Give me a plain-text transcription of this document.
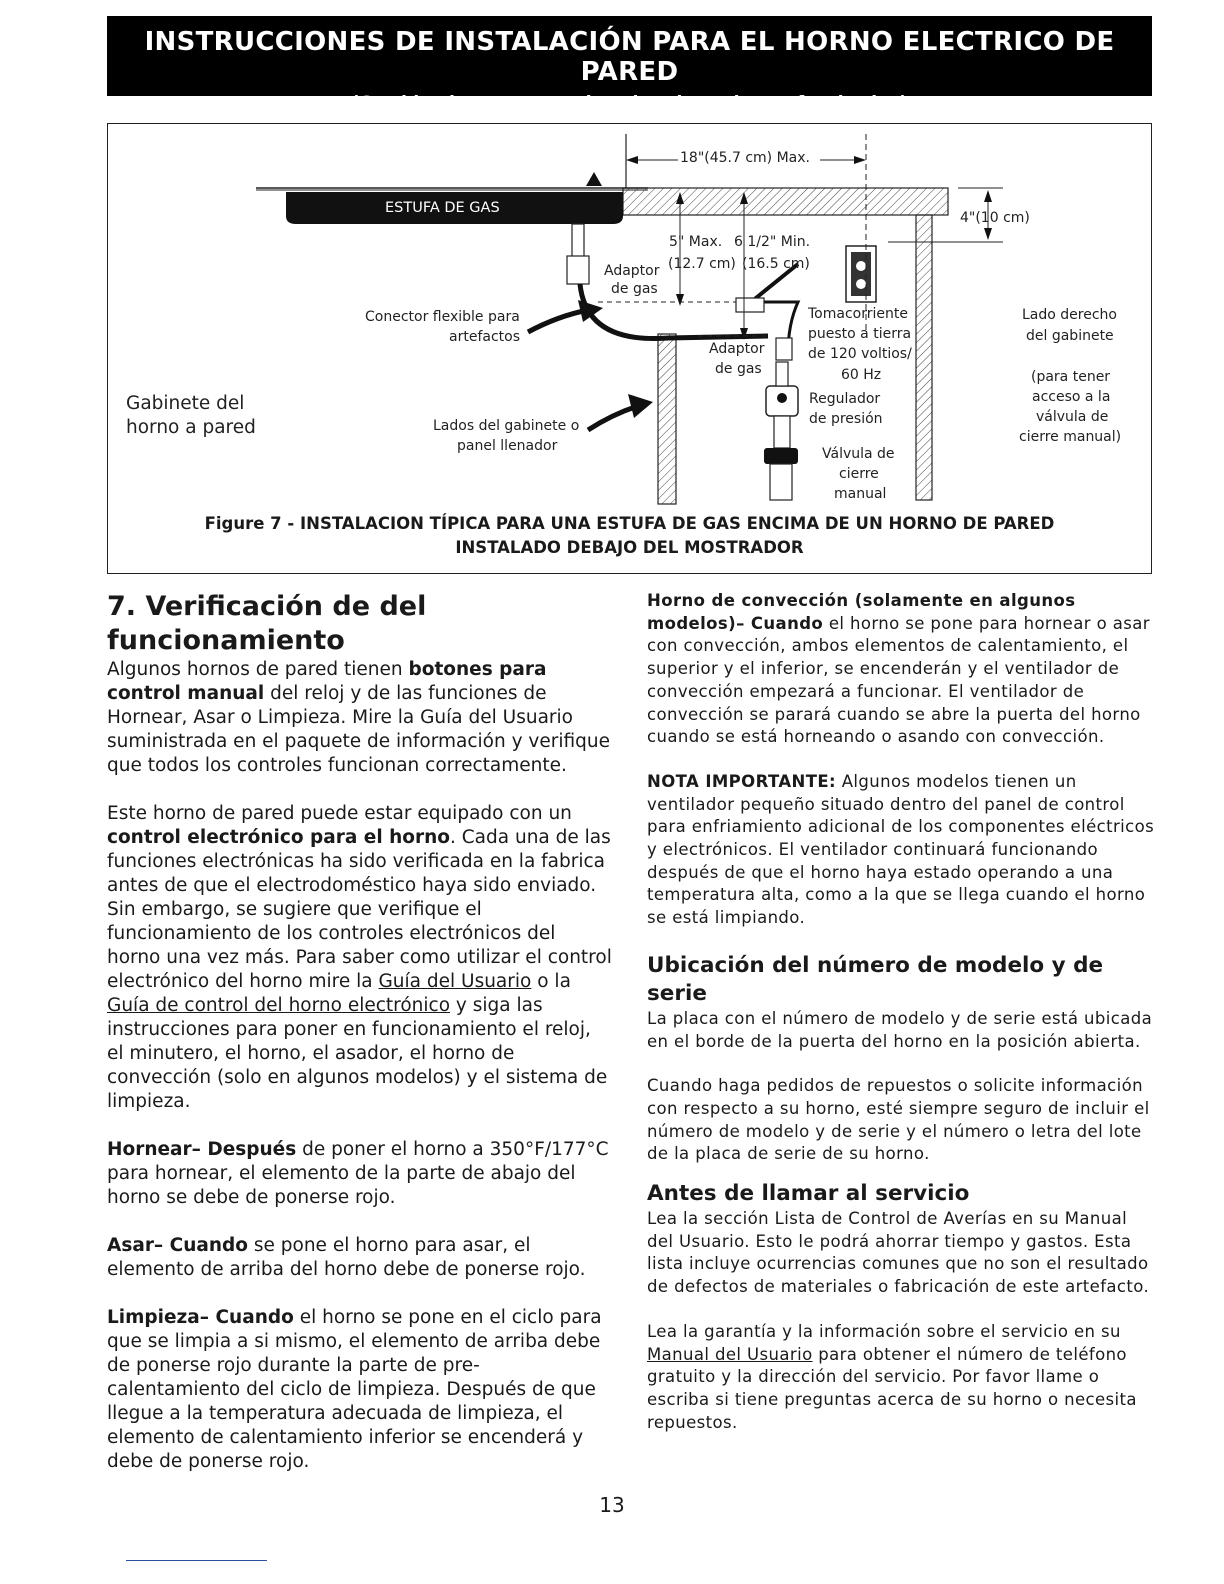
INSTRUCCIONES DE INSTALACIÓN PARA EL HORNO ELECTRICO DE PARED
(Combinado con una cocina electrica o de gas facultativa)
18"(45.7 cm) Max.
ESTUFA DE GAS
4"(10 cm)
5" Max. 6 1/2" Min.
(12.7 cm) (16.5 cm)
Adaptor
de gas
Conector flexible para
artefactos
Tomacorriente
puesto a tierra
de 120 voltios/
60 Hz
Adaptor
de gas
Regulador
de presión
Válvula de
cierre
manual
Lado derecho
del gabinete
(para tener
acceso a la
válvula de
cierre manual)
Gabinete del
horno a pared	Lados del gabinete o
panel llenador
Figure 7 - INSTALACION TÍPICA PARA UNA ESTUFA DE GAS ENCIMA DE UN HORNO DE PARED
INSTALADO DEBAJO DEL MOSTRADOR
7. Verificación de del funcionamiento

Algunos hornos de pared tienen botones para control manual del reloj y de las funciones de Hornear, Asar o Limpieza. Mire la Guía del Usuario suministrada en el paquete de información y verifique que todos los controles funcionan correctamente.

Este horno de pared puede estar equipado con un control electrónico para el horno. Cada una de las funciones electrónicas ha sido verificada en la fabrica antes de que el electrodoméstico haya sido enviado. Sin embargo, se sugiere que verifique el funcionamiento de los controles electrónicos del horno una vez más. Para saber como utilizar el control electrónico del horno mire la Guía del Usuario o la Guía de control del horno electrónico y siga las instrucciones para poner en funcionamiento el reloj, el minutero, el horno, el asador, el horno de convección (solo en algunos modelos) y el sistema de limpieza.

Hornear– Después de poner el horno a 350°F/177°C para hornear, el elemento de la parte de abajo del horno se debe de ponerse rojo.

Asar– Cuando se pone el horno para asar, el elemento de arriba del horno debe de ponerse rojo.

Limpieza– Cuando el horno se pone en el ciclo para que se limpia a si mismo, el elemento de arriba debe de ponerse rojo durante la parte de pre-calentamiento del ciclo de limpieza. Después de que llegue a la temperatura adecuada de limpieza, el elemento de calentamiento inferior se encenderá y debe de ponerse rojo.

Horno de convección (solamente en algunos modelos)– Cuando el horno se pone para hornear o asar con convección, ambos elementos de calentamiento, el superior y el inferior, se encenderán y el ventilador de convección empezará a funcionar. El ventilador de convección se parará cuando se abre la puerta del horno cuando se está horneando o asando con convección.

NOTA IMPORTANTE: Algunos modelos tienen un ventilador pequeño situado dentro del panel de control para enfriamiento adicional de los componentes eléctricos y electrónicos. El ventilador continuará funcionando después de que el horno haya estado operando a una temperatura alta, como a la que se llega cuando el horno se está limpiando.

Ubicación del número de modelo y de serie

La placa con el número de modelo y de serie está ubicada en el borde de la puerta del horno en la posición abierta.

Cuando haga pedidos de repuestos o solicite información con respecto a su horno, esté siempre seguro de incluir el número de modelo y de serie y el número o letra del lote de la placa de serie de su horno.

Antes de llamar al servicio

Lea la sección Lista de Control de Averías en su Manual del Usuario. Esto le podrá ahorrar tiempo y gastos. Esta lista incluye ocurrencias comunes que no son el resultado de defectos de materiales o fabricación de este artefacto.

Lea la garantía y la información sobre el servicio en su Manual del Usuario para obtener el número de teléfono gratuito y la dirección del servicio. Por favor llame o escriba si tiene preguntas acerca de su horno o necesita repuestos.

13
